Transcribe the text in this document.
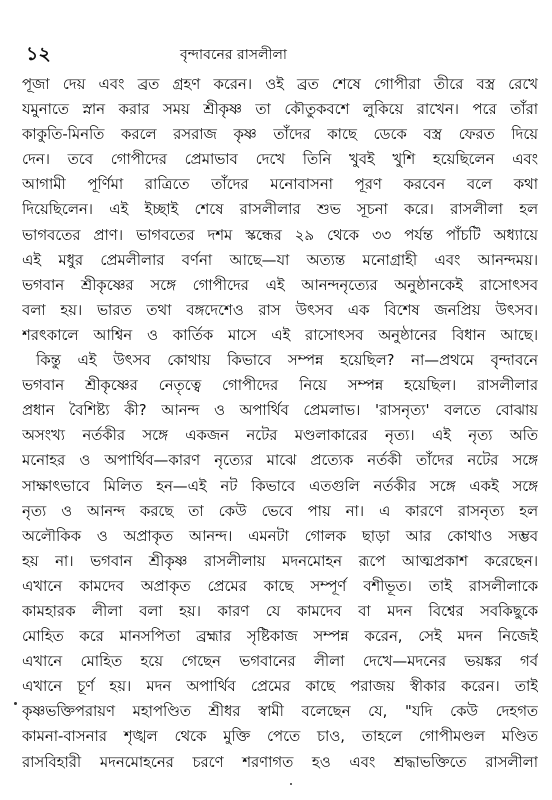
১২	বৃন্দাবনের রাসলীলা
পূজা দেয় এবং ব্রত গ্রহণ করেন। ওই ব্রত শেষে গোপীরা তীরে বস্ত্র রেখে
যমুনাতে স্নান করার সময় শ্রীকৃষ্ণ তা কৌতুকবশে লুকিয়ে রাখেন। পরে তাঁরা
কাকুতি-মিনতি করলে রসরাজ কৃষ্ণ তাঁদের কাছে ডেকে বস্ত্র ফেরত দিয়ে
দেন। তবে গোপীদের প্রেমাভাব দেখে তিনি খুবই খুশি হয়েছিলেন এবং
আগামী পূর্ণিমা রাত্রিতে তাঁদের মনোবাসনা পূরণ করবেন বলে কথা
দিয়েছিলেন। এই ইচ্ছাই শেষে রাসলীলার শুভ সূচনা করে। রাসলীলা হল
ভাগবতের প্রাণ। ভাগবতের দশম স্কন্ধের ২৯ থেকে ৩৩ পর্যন্ত পাঁচটি অধ্যায়ে
এই মধুর প্রেমলীলার বর্ণনা আছে—যা অত্যন্ত মনোগ্রাহী এবং আনন্দময়।
ভগবান শ্রীকৃষ্ণের সঙ্গে গোপীদের এই আনন্দনৃত্যের অনুষ্ঠানকেই রাসোৎসব
বলা হয়। ভারত তথা বঙ্গদেশেও রাস উৎসব এক বিশেষ জনপ্রিয় উৎসব।
শরৎকালে আশ্বিন ও কার্তিক মাসে এই রাসোৎসব অনুষ্ঠানের বিধান আছে।
কিন্তু এই উৎসব কোথায় কিভাবে সম্পন্ন হয়েছিল? না—প্রথমে বৃন্দাবনে
ভগবান শ্রীকৃষ্ণের নেতৃত্বে গোপীদের নিয়ে সম্পন্ন হয়েছিল। রাসলীলার
প্রধান বৈশিষ্ট্য কী? আনন্দ ও অপার্থিব প্রেমলাভ। 'রাসনৃত্য' বলতে বোঝায়
অসংখ্য নর্তকীর সঙ্গে একজন নটের মণ্ডলাকারের নৃত্য। এই নৃত্য অতি
মনোহর ও অপার্থিব—কারণ নৃত্যের মাঝে প্রত্যেক নর্তকী তাঁদের নটের সঙ্গে
সাক্ষাৎভাবে মিলিত হন—এই নট কিভাবে এতগুলি নর্তকীর সঙ্গে একই সঙ্গে
নৃত্য ও আনন্দ করছে তা কেউ ভেবে পায় না। এ কারণে রাসনৃত্য হল
অলৌকিক ও অপ্রাকৃত আনন্দ। এমনটা গোলক ছাড়া আর কোথাও সম্ভব
হয় না। ভগবান শ্রীকৃষ্ণ রাসলীলায় মদনমোহন রূপে আত্মপ্রকাশ করেছেন।
এখানে কামদেব অপ্রাকৃত প্রেমের কাছে সম্পূর্ণ বশীভূত। তাই রাসলীলাকে
কামহারক লীলা বলা হয়। কারণ যে কামদেব বা মদন বিশ্বের সবকিছুকে
মোহিত করে মানসপিতা ব্রহ্মার সৃষ্টিকাজ সম্পন্ন করেন, সেই মদন নিজেই
এখানে মোহিত হয়ে গেছেন ভগবানের লীলা দেখে—মদনের ভয়ঙ্কর গর্ব
এখানে চূর্ণ হয়। মদন অপার্থিব প্রেমের কাছে পরাজয় স্বীকার করেন। তাই
কৃষ্ণভক্তিপরায়ণ মহাপণ্ডিত শ্রীধর স্বামী বলেছেন যে, "যদি কেউ দেহগত
কামনা-বাসনার শৃঙ্খল থেকে মুক্তি পেতে চাও, তাহলে গোপীমণ্ডল মণ্ডিত
রাসবিহারী মদনমোহনের চরণে শরণাগত হও এবং শ্রদ্ধাভক্তিতে রাসলীলা
